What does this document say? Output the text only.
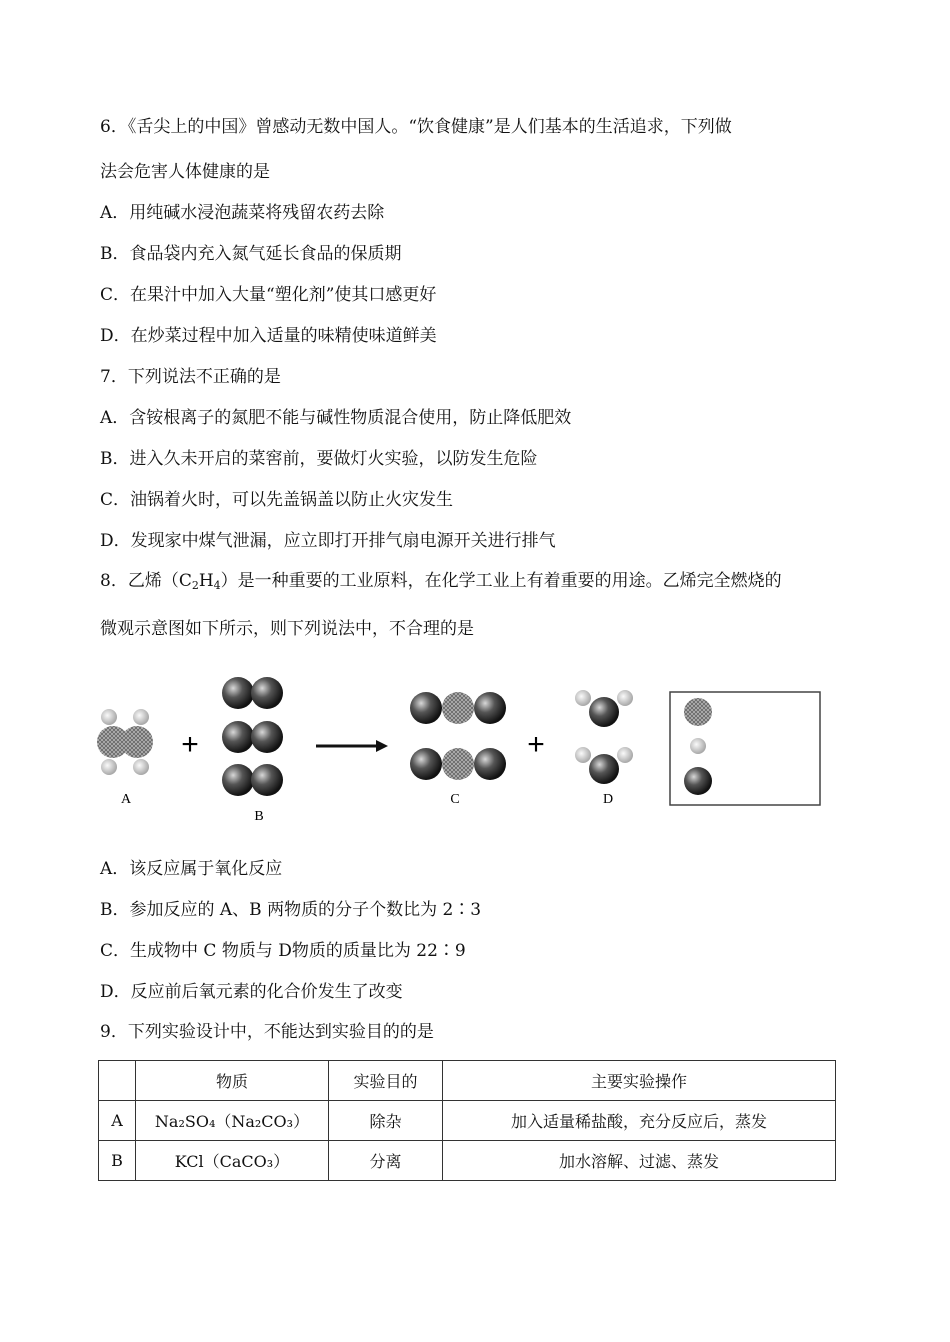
6．《舌尖上的中国》曾感动无数中国人。“饮食健康”是人们基本的生活追求，下列做
法会危害人体健康的是
A．用纯碱水浸泡蔬菜将残留农药去除
B．食品袋内充入氮气延长食品的保质期
C．在果汁中加入大量“塑化剂”使其口感更好
D．在炒菜过程中加入适量的味精使味道鲜美
7．下列说法不正确的是
A．含铵根离子的氮肥不能与碱性物质混合使用，防止降低肥效
B．进入久未开启的菜窖前，要做灯火实验，以防发生危险
C．油锅着火时，可以先盖锅盖以防止火灾发生
D．发现家中煤气泄漏，应立即打开排气扇电源开关进行排气
8．乙烯$(C_2H_4)$是一种重要的工业原料，在化学工业上有着重要的用途。乙烯完全燃烧的
微观示意图如下所示，则下列说法中，不合理的是
A
+
B
C
+
D
A．该反应属于氧化反应
B．参加反应的 A、B 两物质的分子个数比为 2∶3
C．生成物中 C 物质与 D物质的质量比为 22∶9
D．反应前后氧元素的化合价发生了改变
9．下列实验设计中，不能达到实验目的的是
	物质	实验目的	主要实验操作
A	Na₂SO₄（Na₂CO₃）	除杂	加入适量稀盐酸，充分反应后，蒸发
B	KCl（CaCO₃）	分离	加水溶解、过滤、蒸发
